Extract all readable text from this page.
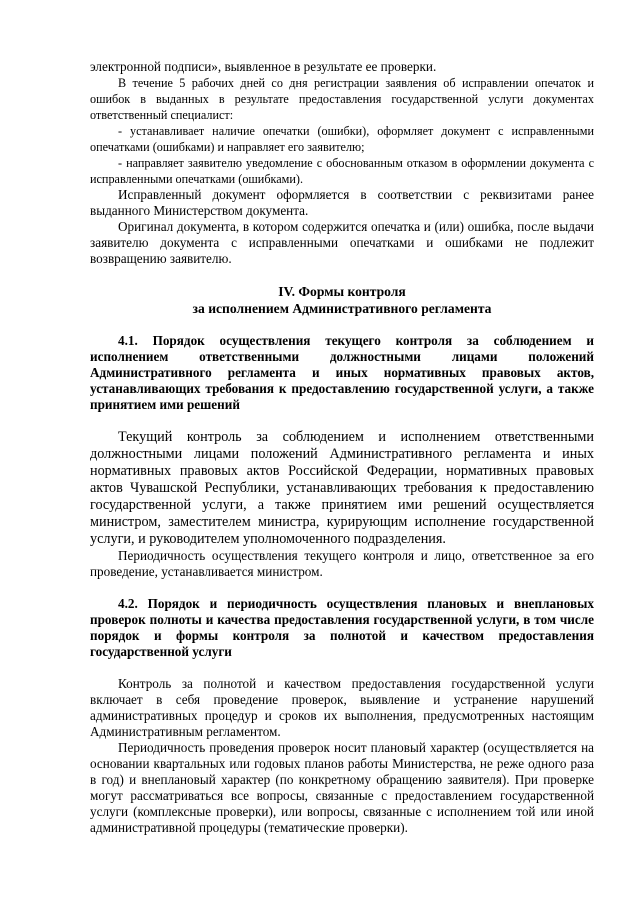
электронной подписи», выявленное в результате ее проверки.

В течение 5 рабочих дней со дня регистрации заявления об исправлении опечаток и ошибок в выданных в результате предоставления государственной услуги документах ответственный специалист:

- устанавливает наличие опечатки (ошибки), оформляет документ с исправленными опечатками (ошибками) и направляет его заявителю;

- направляет заявителю уведомление с обоснованным отказом в оформлении документа с исправленными опечатками (ошибками).

Исправленный документ оформляется в соответствии с реквизитами ранее выданного Министерством документа.

Оригинал документа, в котором содержится опечатка и (или) ошибка, после выдачи заявителю документа с исправленными опечатками и ошибками не подлежит возвращению заявителю.

IV. Формы контроля

за исполнением Административного регламента

4.1. Порядок осуществления текущего контроля за соблюдением и исполнением ответственными должностными лицами положений Административного регламента и иных нормативных правовых актов, устанавливающих требования к предоставлению государственной услуги, а также принятием ими решений

Текущий контроль за соблюдением и исполнением ответственными должностными лицами положений Административного регламента и иных нормативных правовых актов Российской Федерации, нормативных правовых актов Чувашской Республики, устанавливающих требования к предоставлению государственной услуги, а также принятием ими решений осуществляется министром, заместителем министра, курирующим исполнение государственной услуги, и руководителем уполномоченного подразделения.

Периодичность осуществления текущего контроля и лицо, ответственное за его проведение, устанавливается министром.

4.2. Порядок и периодичность осуществления плановых и внеплановых проверок полноты и качества предоставления государственной услуги, в том числе порядок и формы контроля за полнотой и качеством предоставления государственной услуги

Контроль за полнотой и качеством предоставления государственной услуги включает в себя проведение проверок, выявление и устранение нарушений административных процедур и сроков их выполнения, предусмотренных настоящим Административным регламентом.

Периодичность проведения проверок носит плановый характер (осуществляется на основании квартальных или годовых планов работы Министерства, не реже одного раза в год) и внеплановый характер (по конкретному обращению заявителя). При проверке могут рассматриваться все вопросы, связанные с предоставлением государственной услуги (комплексные проверки), или вопросы, связанные с исполнением той или иной административной процедуры (тематические проверки).
